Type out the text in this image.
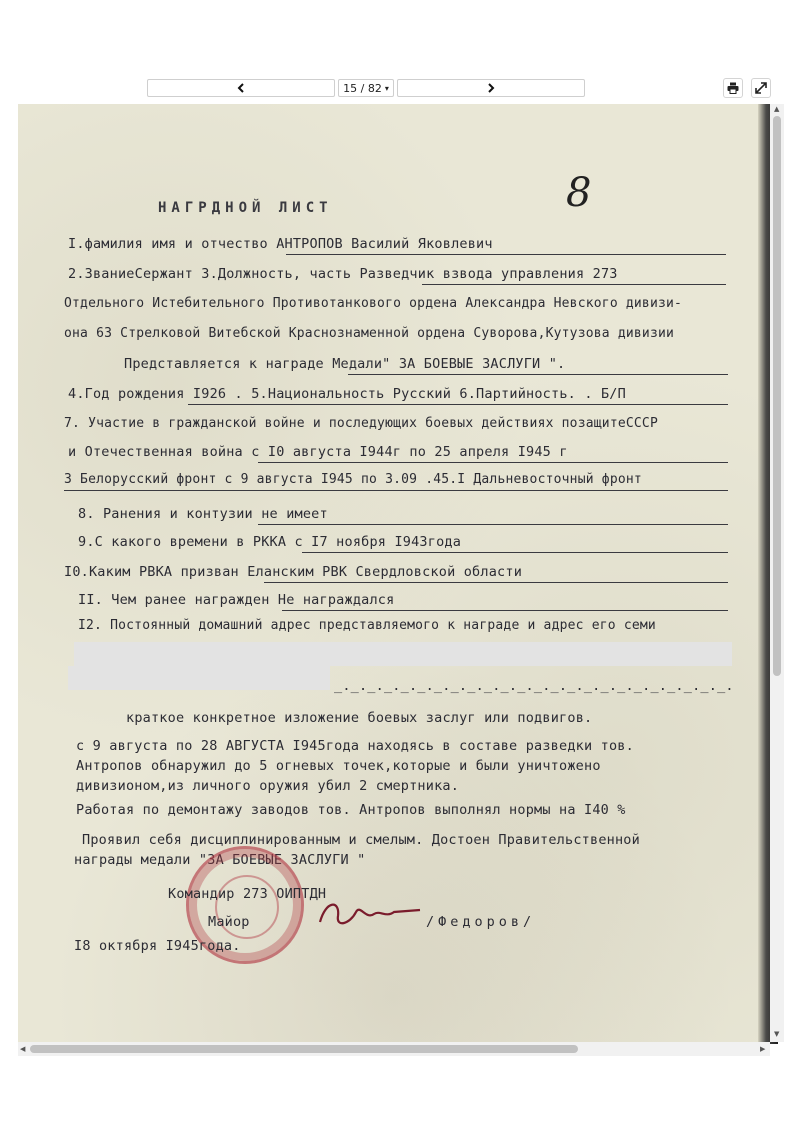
15 / 82 ▾
8
НАГРДНОЙ ЛИСТ
I.фамилия имя и отчество АНТРОПОВ Василий Яковлевич
2.ЗваниеСержант 3.Должность, часть Разведчик взвода управления 273
Отдельного Истебительного Противотанкового ордена Александра Невского дивизи-
она 63 Стрелковой Витебской Краснознаменной ордена Суворова,Кутузова дивизии
Представляется к награде Медали" ЗА БОЕВЫЕ ЗАСЛУГИ ".
4.Год рождения I926 . 5.Национальность Русский 6.Партийность. . Б/П
7. Участие в гражданской войне и последующих боевых действиях позащитеСССР
и Отечественная война с I0 августа I944г по 25 апреля I945 г
3 Белорусский фронт с 9 августа I945 по 3.09 .45.I Дальневосточный фронт
8. Ранения и контузии не имеет
9.С какого времени в РККА с I7 ноября I943года
I0.Каким РВКА призван Еланским РВК Свердловской области
II. Чем ранее награжден Не награждался
I2. Постоянный домашний адрес представляемого к награде и адрес его семи
_._._._._._._._._._._._._._._._._._._._._._._._.
краткое конкретное изложение боевых заслуг или подвигов.
с 9 августа по 28 АВГУСТА I945года находясь в составе разведки тов.
Антропов обнаружил до 5 огневых точек,которые и были уничтожено
дивизионом,из личного оружия убил 2 смертника.
Работая по демонтажу заводов тов. Антропов выполнял нормы на I40 %
Проявил себя дисциплинированным и смелым. Достоен Правительственной
награды медали "ЗА БОЕВЫЕ ЗАСЛУГИ "
Командир 273 ОИПТДН
Майор	/Федоров/
I8 октября I945года.
▲
▼
◀	▶
